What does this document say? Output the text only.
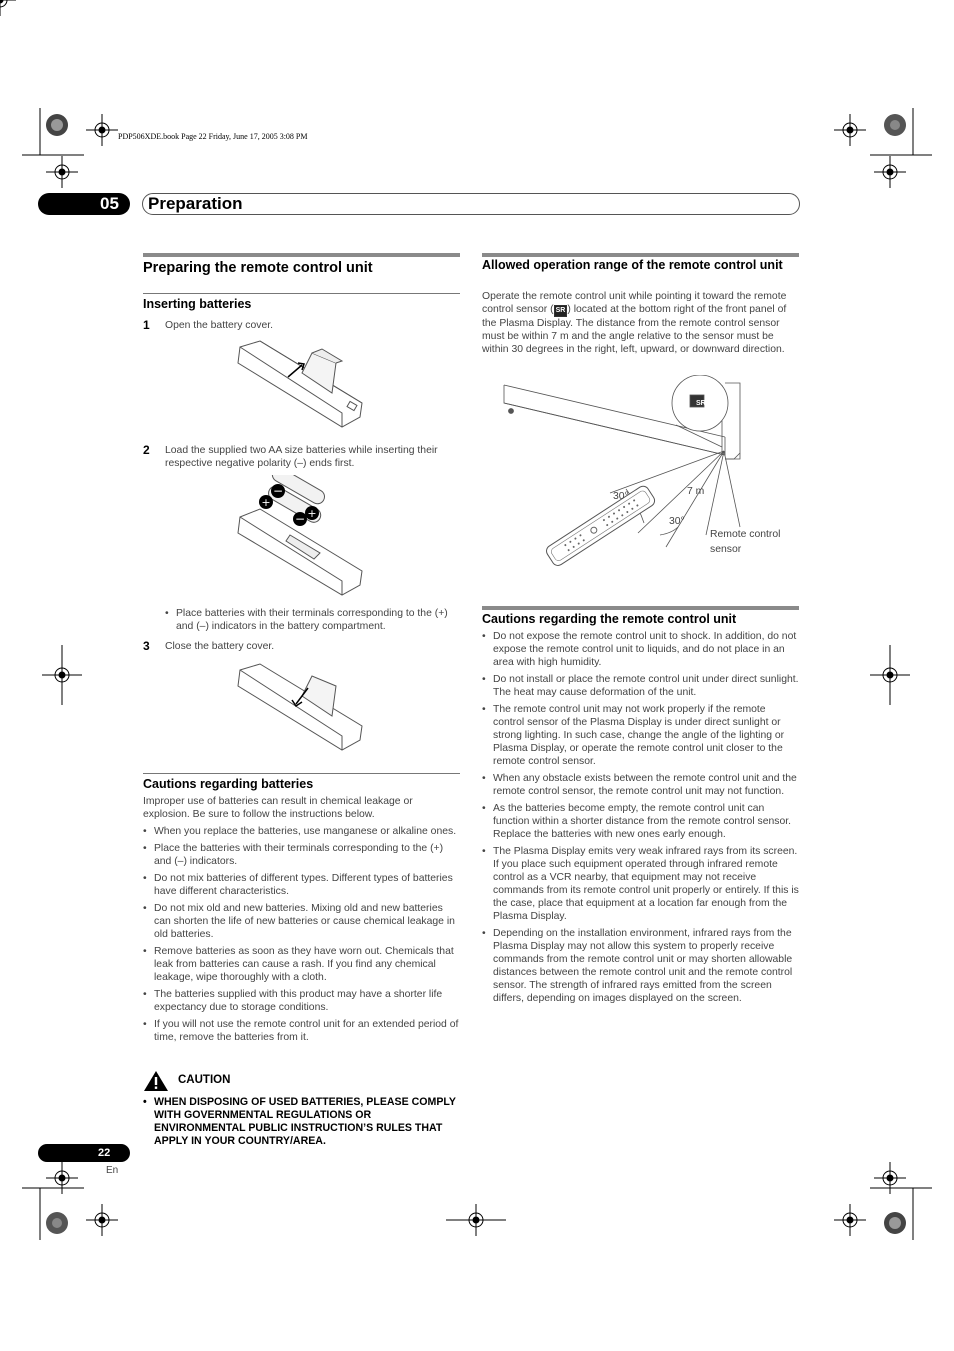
PDP506XDE.book Page 22 Friday, June 17, 2005 3:08 PM
05	Preparation
Preparing the remote control unit
Inserting batteries
1 Open the battery cover.
2 Load the supplied two AA size batteries while inserting their respective negative polarity (–) ends first.
−
+
+
−
• Place batteries with their terminals corresponding to the (+) and (–) indicators in the battery compartment.
3 Close the battery cover.
Cautions regarding batteries
Improper use of batteries can result in chemical leakage or explosion. Be sure to follow the instructions below.
• When you replace the batteries, use manganese or alkaline ones.
• Place the batteries with their terminals corresponding to the (+) and (–) indicators.
• Do not mix batteries of different types. Different types of batteries have different characteristics.
• Do not mix old and new batteries. Mixing old and new batteries can shorten the life of new batteries or cause chemical leakage in old batteries.
• Remove batteries as soon as they have worn out. Chemicals that leak from batteries can cause a rash. If you find any chemical leakage, wipe thoroughly with a cloth.
• The batteries supplied with this product may have a shorter life expectancy due to storage conditions.
• If you will not use the remote control unit for an extended period of time, remove the batteries from it.
CAUTION
• WHEN DISPOSING OF USED BATTERIES, PLEASE COMPLY WITH GOVERNMENTAL REGULATIONS OR ENVIRONMENTAL PUBLIC INSTRUCTION’S RULES THAT APPLY IN YOUR COUNTRY/AREA.
Allowed operation range of the remote control unit
Operate the remote control unit while pointing it toward the remote control sensor ( SR ) located at the bottom right of the front panel of the Plasma Display. The distance from the remote control sensor must be within 7 m and the angle relative to the sensor must be within 30 degrees in the right, left, upward, or downward direction.
SR
30°	7 m
30°
Remote control
sensor
Cautions regarding the remote control unit
• Do not expose the remote control unit to shock. In addition, do not expose the remote control unit to liquids, and do not place in an area with high humidity.
• Do not install or place the remote control unit under direct sunlight. The heat may cause deformation of the unit.
• The remote control unit may not work properly if the remote control sensor of the Plasma Display is under direct sunlight or strong lighting. In such case, change the angle of the lighting or Plasma Display, or operate the remote control unit closer to the remote control sensor.
• When any obstacle exists between the remote control unit and the remote control sensor, the remote control unit may not function.
• As the batteries become empty, the remote control unit can function within a shorter distance from the remote control sensor. Replace the batteries with new ones early enough.
• The Plasma Display emits very weak infrared rays from its screen. If you place such equipment operated through infrared remote control as a VCR nearby, that equipment may not receive commands from its remote control unit properly or entirely. If this is the case, place that equipment at a location far enough from the Plasma Display.
• Depending on the installation environment, infrared rays from the Plasma Display may not allow this system to properly receive commands from the remote control unit or may shorten allowable distances between the remote control unit and the remote control sensor. The strength of infrared rays emitted from the screen differs, depending on images displayed on the screen.
22
En
